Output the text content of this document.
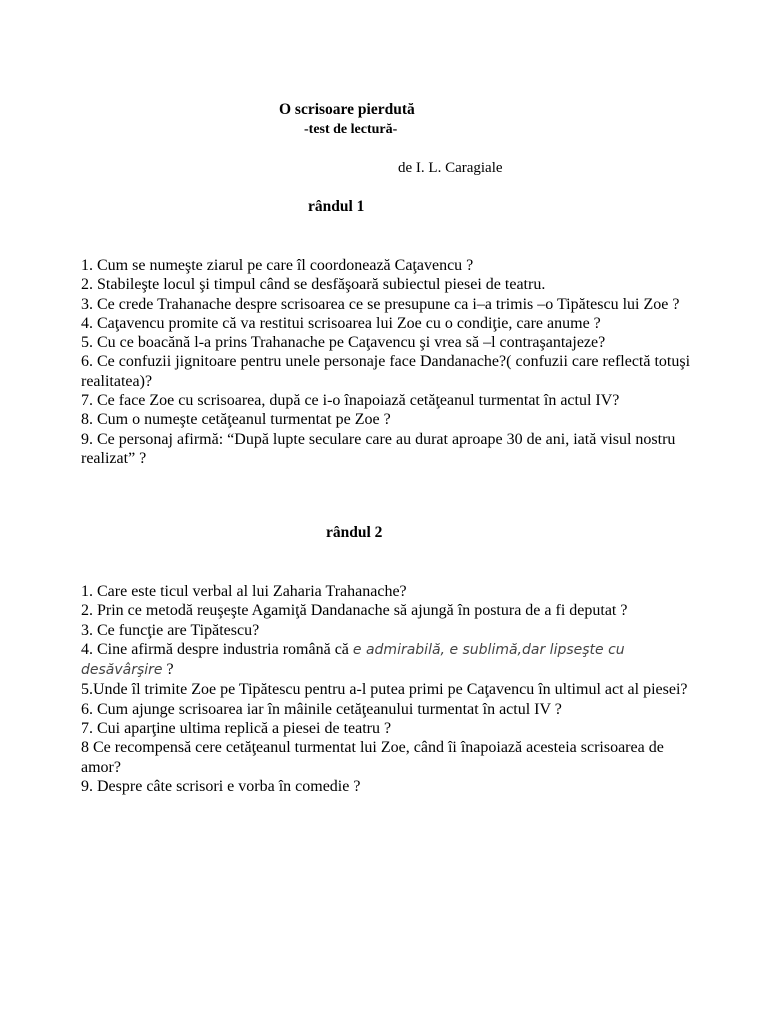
O scrisoare pierdută
-test de lectură-
de I. L. Caragiale
rândul 1
1. Cum se numeşte ziarul pe care îl coordonează Caţavencu ?
2. Stabileşte locul şi timpul când se desfăşoară subiectul piesei de teatru.
3. Ce crede Trahanache despre scrisoarea ce se presupune ca i–a trimis –o Tipătescu lui Zoe ?
4. Caţavencu promite că va restitui scrisoarea lui Zoe cu o condiţie, care anume ?
5. Cu ce boacănă l-a prins Trahanache pe Caţavencu şi vrea să –l contraşantajeze?
6. Ce confuzii jignitoare pentru unele personaje face Dandanache?( confuzii care reflectă totuşi realitatea)?
7. Ce face Zoe cu scrisoarea, după ce i-o înapoiază cetăţeanul turmentat în actul IV?
8. Cum o numeşte cetăţeanul turmentat pe Zoe ?
9. Ce personaj afirmă: “După lupte seculare care au durat aproape 30 de ani, iată visul nostru realizat” ?
rândul 2
1. Care este ticul verbal al lui Zaharia Trahanache?
2. Prin ce metodă reuşeşte Agamiţă Dandanache să ajungă în postura de a fi deputat ?
3. Ce funcţie are Tipătescu?
4. Cine afirmă despre industria română că e admirabilă, e sublimă,dar lipseşte cu desăvârşire ?
5.Unde îl trimite Zoe pe Tipătescu pentru a-l putea primi pe Caţavencu în ultimul act al piesei?
6. Cum ajunge scrisoarea iar în mâinile cetăţeanului turmentat în actul IV ?
7. Cui aparţine ultima replică a piesei de teatru ?
8 Ce recompensă cere cetăţeanul turmentat lui Zoe, când îi înapoiază acesteia scrisoarea de amor?
9. Despre câte scrisori e vorba în comedie ?
